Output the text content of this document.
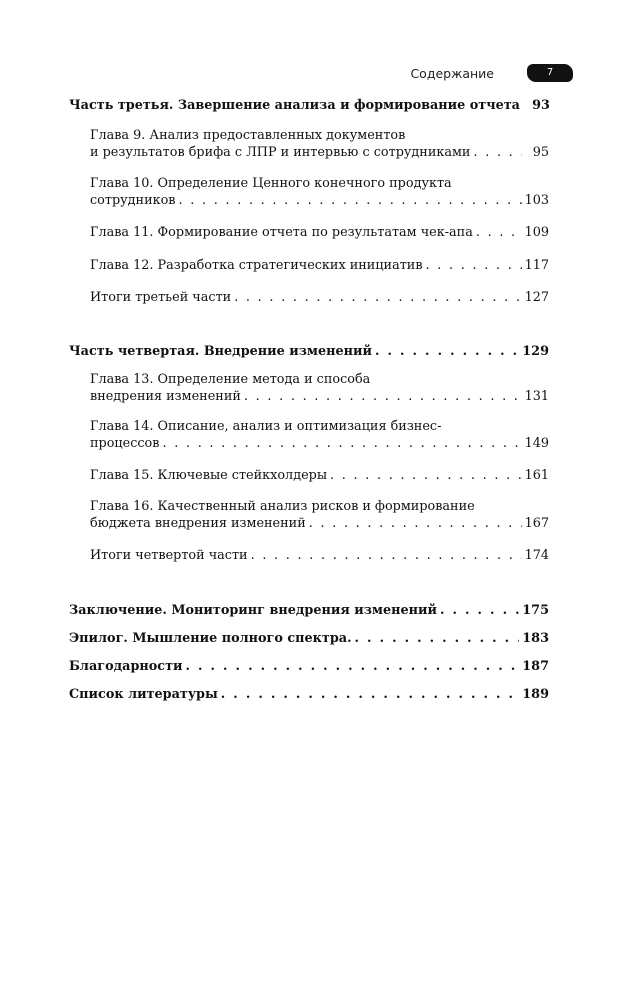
Содержание	7
Часть третья. Завершение анализа и формирование отчета 93
Глава 9. Анализ предоставленных документов
и результатов брифа с ЛПР и интервью с сотрудниками . . .	95
Глава 10. Определение Ценного конечного продукта
сотрудников . . .	103
Глава 11. Формирование отчета по результатам чек-апа . . .	109
Глава 12. Разработка стратегических инициатив . . .	117
Итоги третьей части . . .	127
Часть четвертая. Внедрение изменений . . .	129
Глава 13. Определение метода и способа
внедрения изменений . . .	131
Глава 14. Описание, анализ и оптимизация бизнес-
процессов . . .	149
Глава 15. Ключевые стейкхолдеры . . .	161
Глава 16. Качественный анализ рисков и формирование
бюджета внедрения изменений . . .	167
Итоги четвертой части . . .	174
Заключение. Мониторинг внедрения изменений . . .	175
Эпилог. Мышление полного спектра. . . .	183
Благодарности . . .	187
Список литературы . . .	189
